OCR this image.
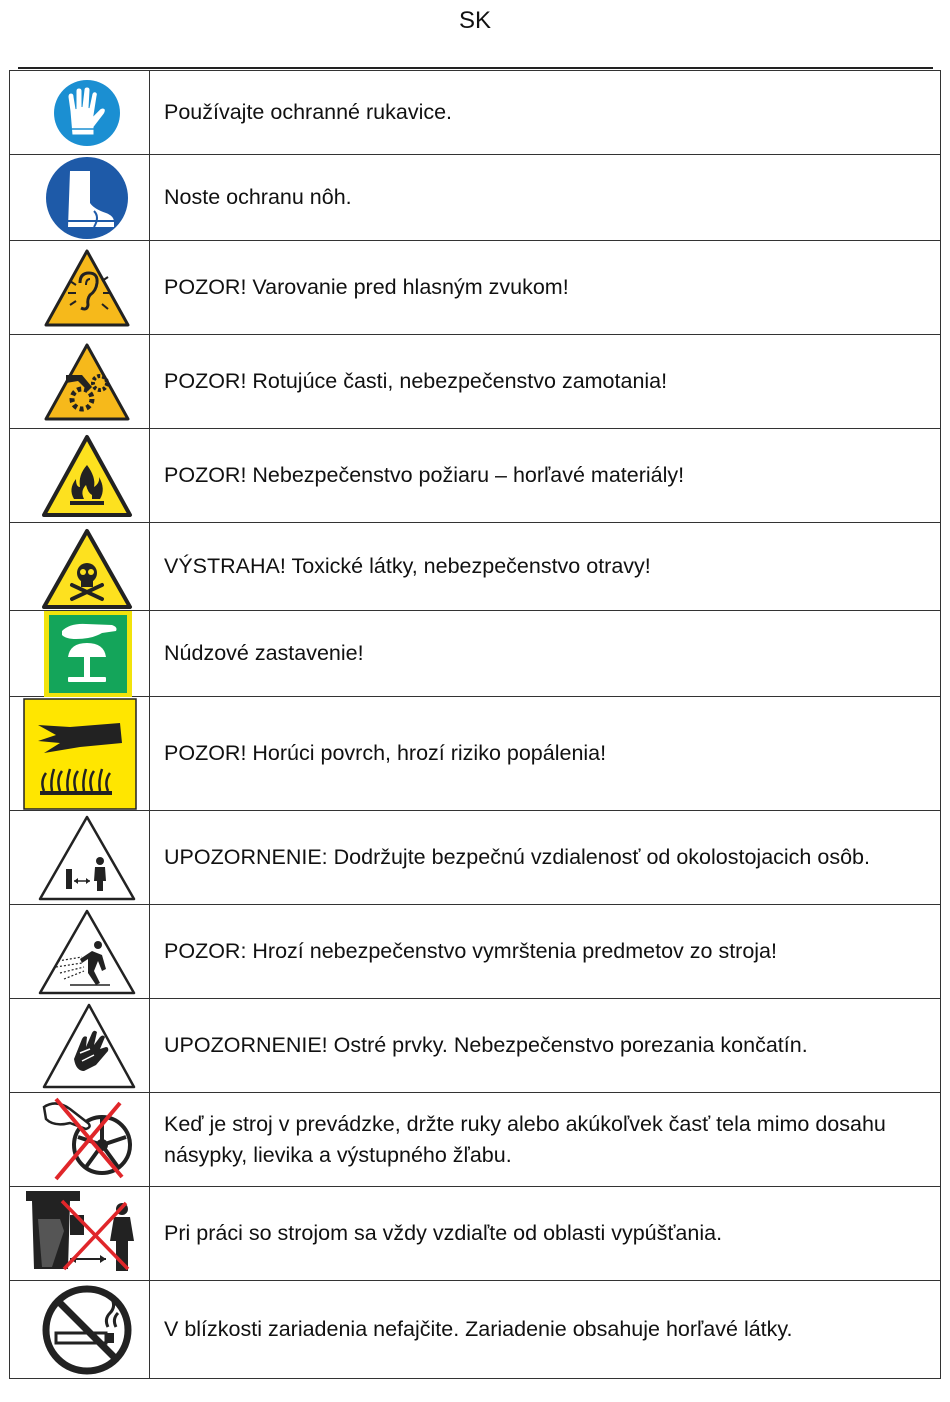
SK
	Používajte ochranné rukavice.

	Noste ochranu nôh.

	POZOR! Varovanie pred hlasným zvukom!

	POZOR! Rotujúce časti, nebezpečenstvo zamotania!

	POZOR! Nebezpečenstvo požiaru – horľavé materiály!

	VÝSTRAHA! Toxické látky, nebezpečenstvo otravy!

	Núdzové zastavenie!

	POZOR! Horúci povrch, hrozí riziko popálenia!

	UPOZORNENIE: Dodržujte bezpečnú vzdialenosť od okolostojacich osôb.

	POZOR: Hrozí nebezpečenstvo vymrštenia predmetov zo stroja!

	UPOZORNENIE! Ostré prvky. Nebezpečenstvo porezania končatín.

	Keď je stroj v prevádzke, držte ruky alebo akúkoľvek časť tela mimo dosahu násypky, lievika a výstupného žľabu.

	Pri práci so strojom sa vždy vzdiaľte od oblasti vypúšťania.

	V blízkosti zariadenia nefajčite. Zariadenie obsahuje horľavé látky.
